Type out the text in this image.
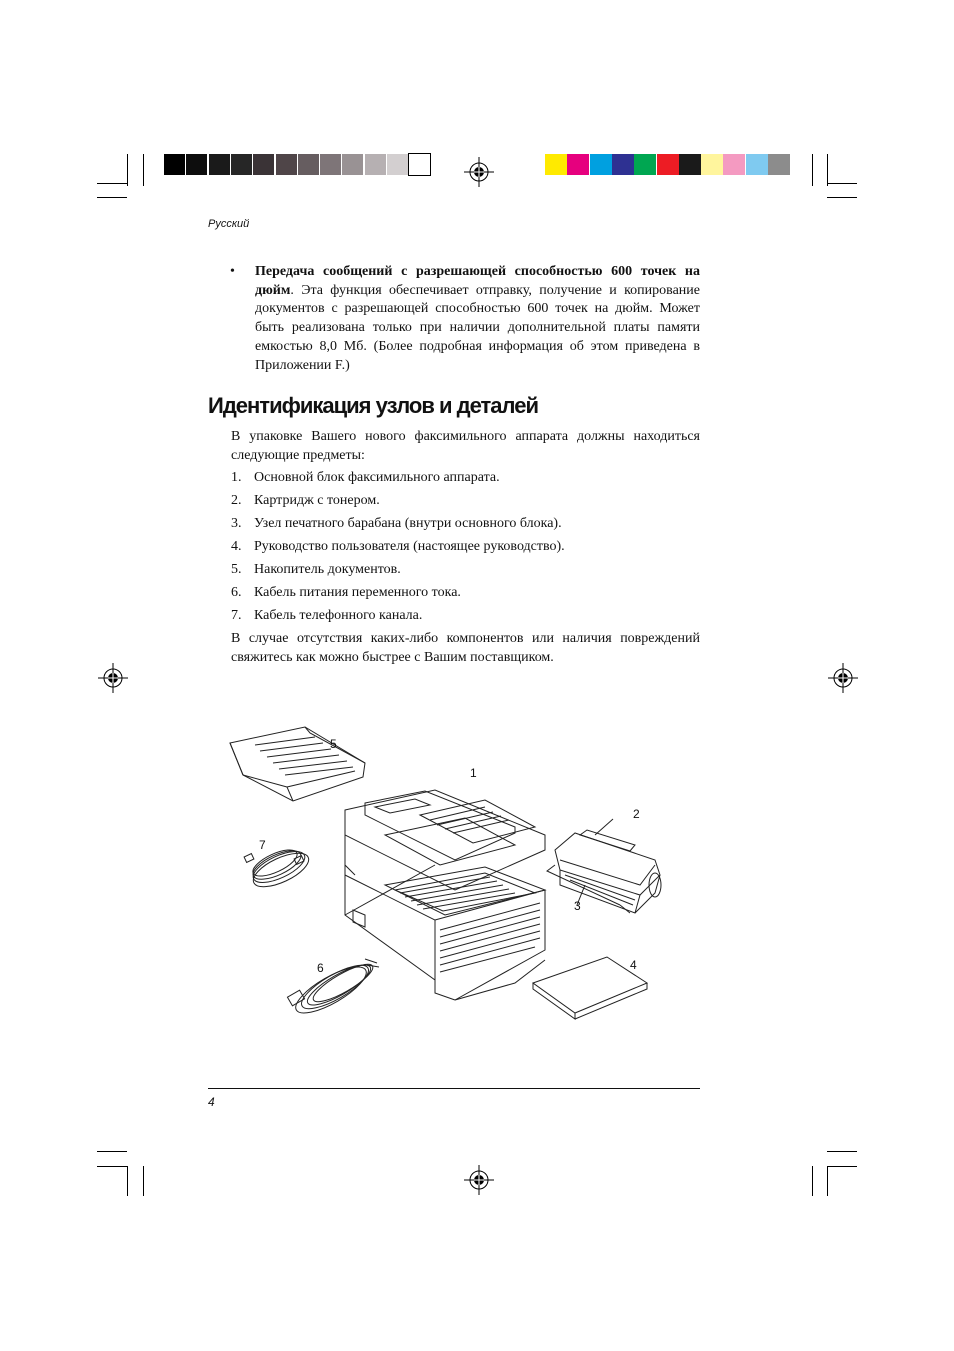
Русский
• Передача сообщений с разрешающей способностью 600 точек на дюйм. Эта функция обеспечивает отправку, получение и копирование документов с разрешающей способностью 600 точек на дюйм. Может быть реализована только при наличии дополнительной платы памяти емкостью 8,0 Мб. (Более подробная информация об этом приведена в Приложении F.)
Идентификация узлов и деталей
В упаковке Вашего нового факсимильного аппарата должны находиться следующие предметы:
1. Основной блок факсимильного аппарата.
2. Картридж с тонером.
3. Узел печатного барабана (внутри основного блока).
4. Руководство пользователя (настоящее руководство).
5. Накопитель документов.
6. Кабель питания переменного тока.
7. Кабель телефонного канала.
В случае отсутствия каких-либо компонентов или наличия повреждений свяжитесь как можно быстрее с Вашим поставщиком.
5
1
2
7
3
6	4
4
